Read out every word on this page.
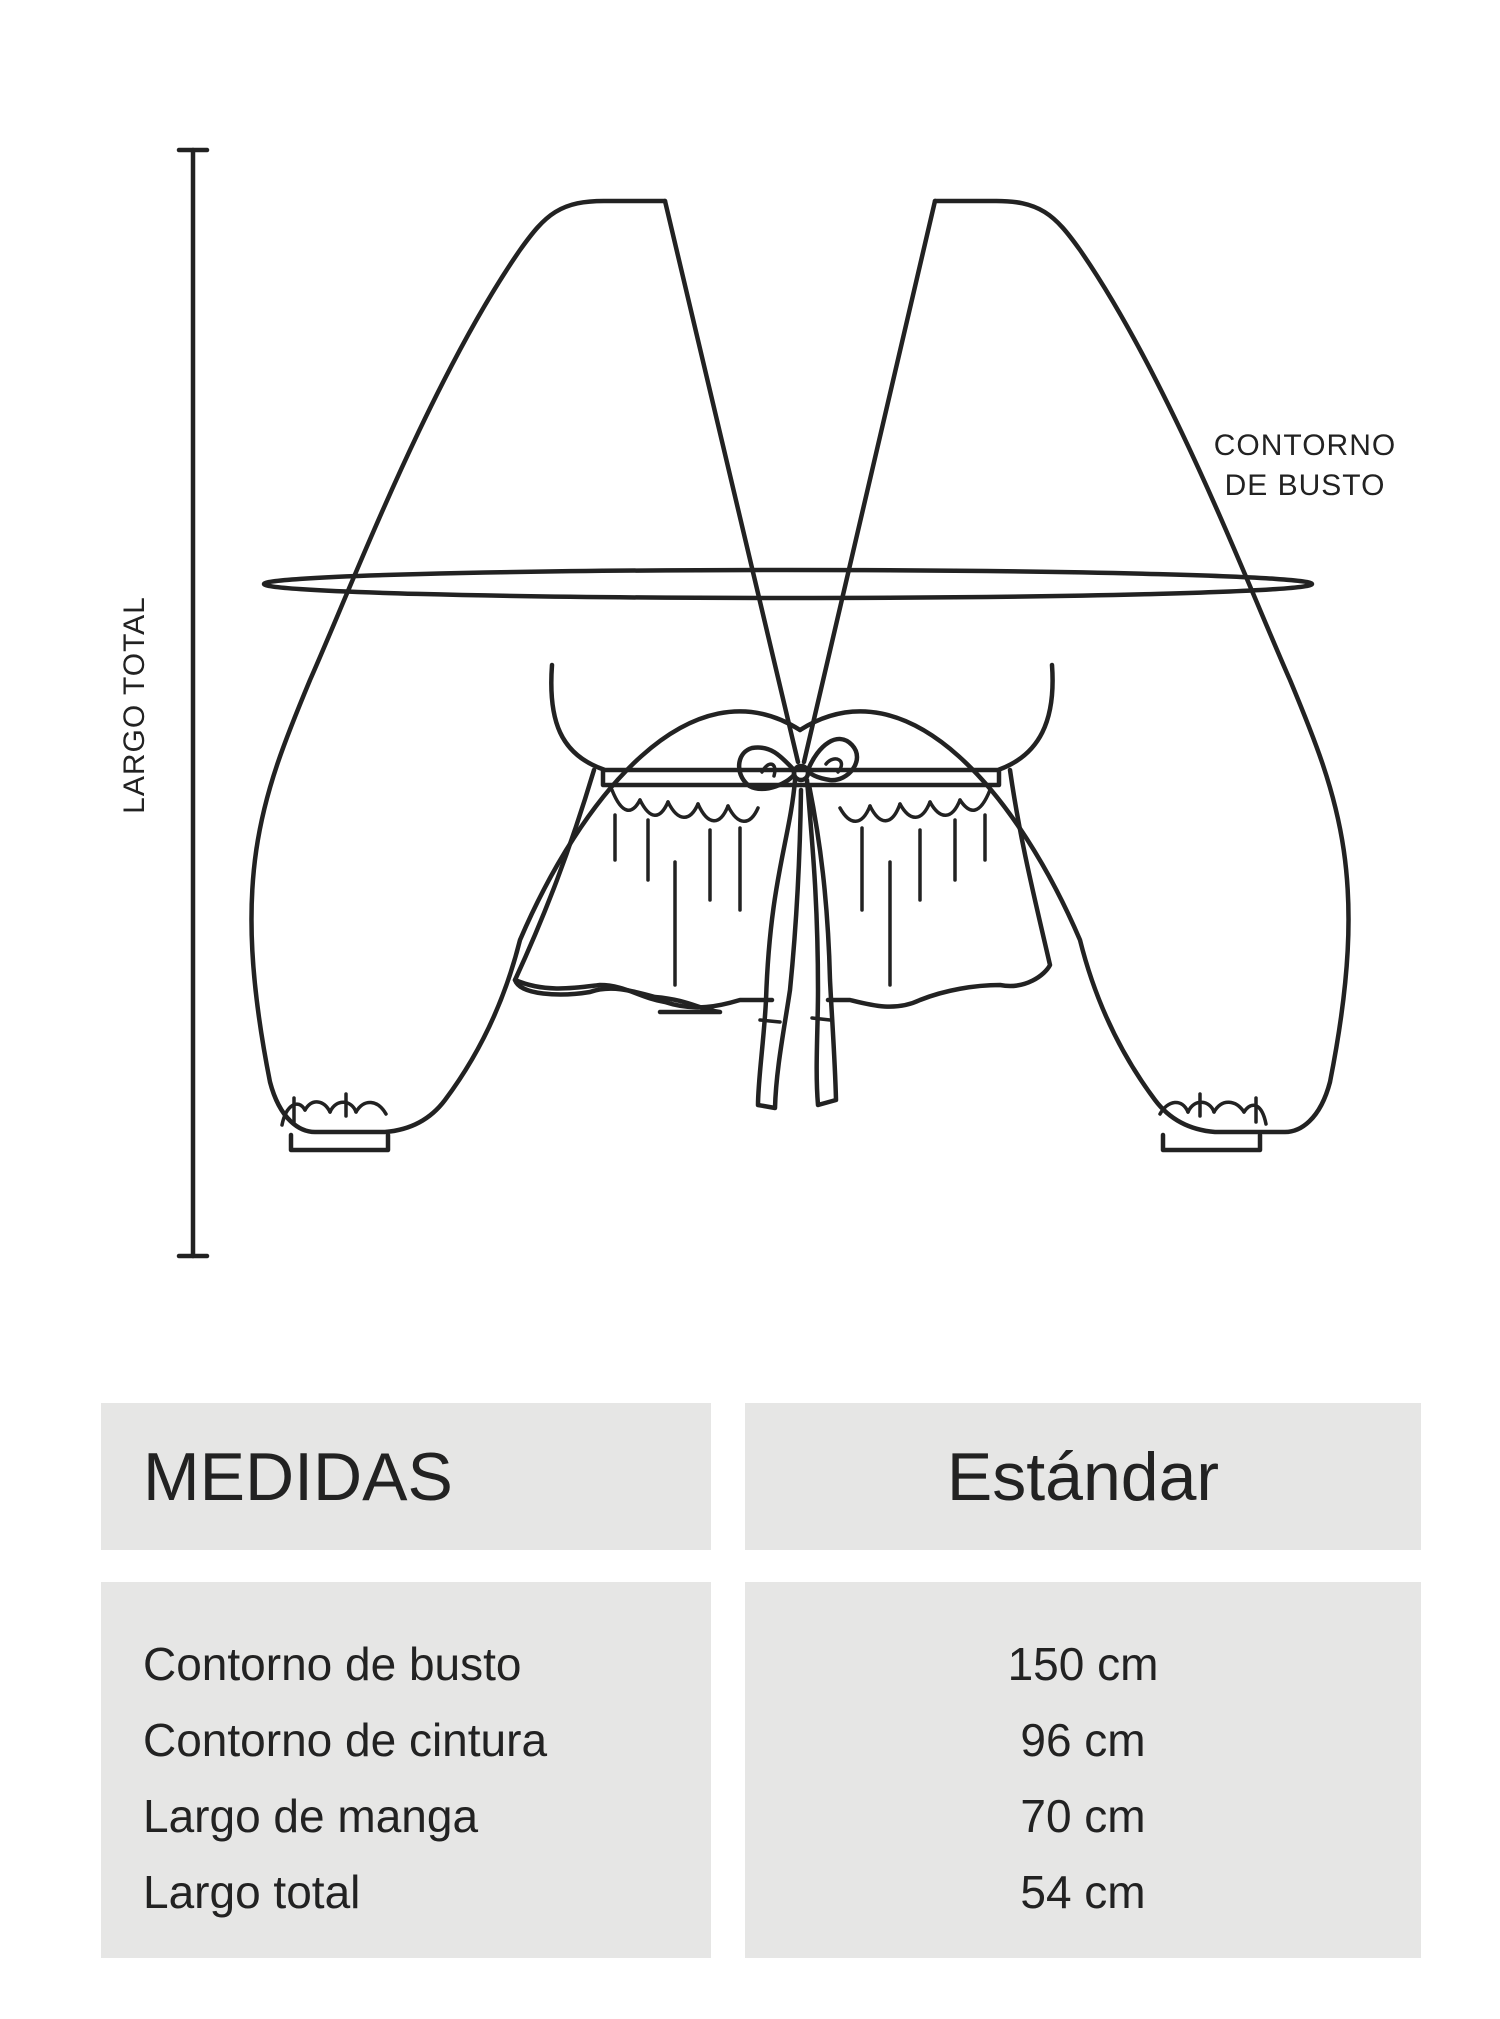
LARGO TOTAL
CONTORNO
DE BUSTO
MEDIDAS	Estándar
Contorno de busto
Contorno de cintura
Largo de manga
Largo total
150 cm
96 cm
70 cm
54 cm
